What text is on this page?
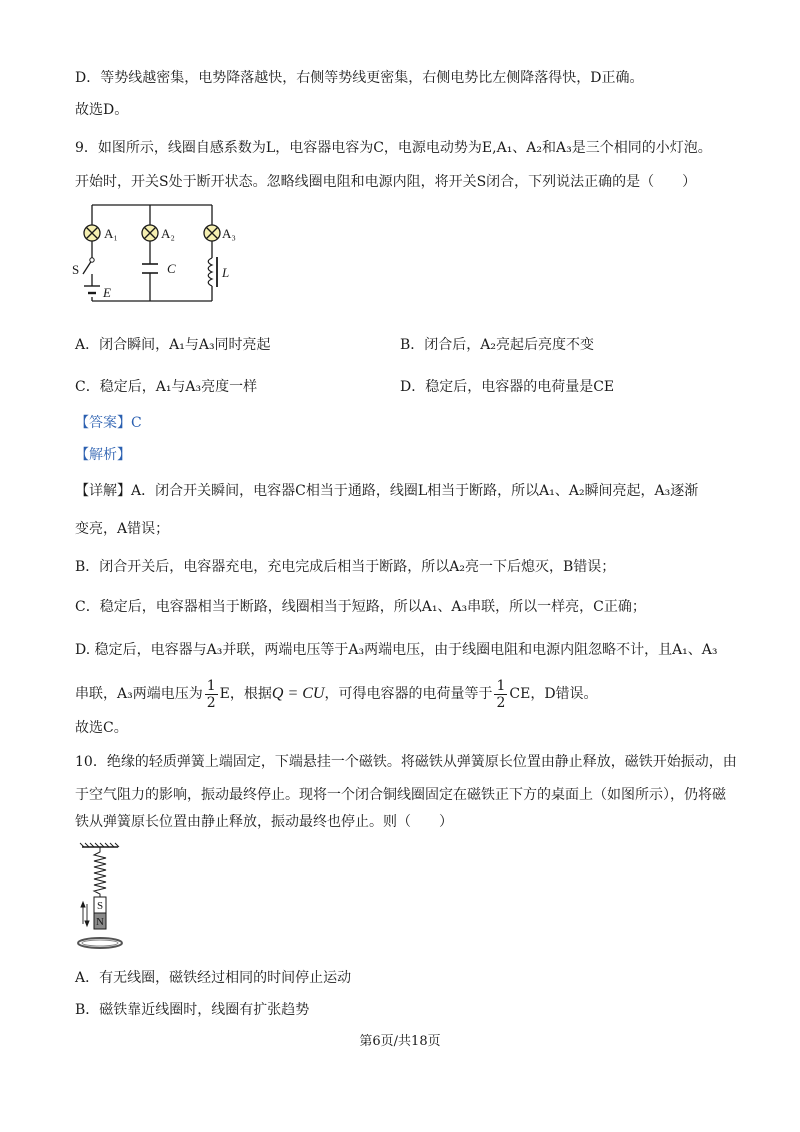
D．等势线越密集，电势降落越快，右侧等势线更密集，右侧电势比左侧降落得快，D正确。
故选D。
9．如图所示，线圈自感系数为L，电容器电容为C，电源电动势为E,A₁、A₂和A₃是三个相同的小灯泡。
开始时，开关S处于断开状态。忽略线圈电阻和电源内阻，将开关S闭合，下列说法正确的是（　　）
A₁	A₂	A₃
S	C	L
E
A．闭合瞬间，A₁与A₃同时亮起	B．闭合后，A₂亮起后亮度不变
C．稳定后，A₁与A₃亮度一样	D．稳定后，电容器的电荷量是CE
【答案】C
【解析】
【详解】A．闭合开关瞬间，电容器C相当于通路，线圈L相当于断路，所以A₁、A₂瞬间亮起，A₃逐渐
变亮，A错误；
B．闭合开关后，电容器充电，充电完成后相当于断路，所以A₂亮一下后熄灭，B错误；
C．稳定后，电容器相当于断路，线圈相当于短路，所以A₁、A₃串联，所以一样亮，C正确；
D. 稳定后，电容器与A₃并联，两端电压等于A₃两端电压，由于线圈电阻和电源内阻忽略不计，且A₁、A₃
串联，A₃两端电压为 $\frac{1}{2}$ E，根据Q = CU，可得电容器的电荷量等于 $\frac{1}{2}$ CE，D错误。
故选C。
10．绝缘的轻质弹簧上端固定，下端悬挂一个磁铁。将磁铁从弹簧原长位置由静止释放，磁铁开始振动，由
于空气阻力的影响，振动最终停止。现将一个闭合铜线圈固定在磁铁正下方的桌面上（如图所示），仍将磁
铁从弹簧原长位置由静止释放，振动最终也停止。则（　　）
S
N
A．有无线圈，磁铁经过相同的时间停止运动
B．磁铁靠近线圈时，线圈有扩张趋势
第6页/共18页
